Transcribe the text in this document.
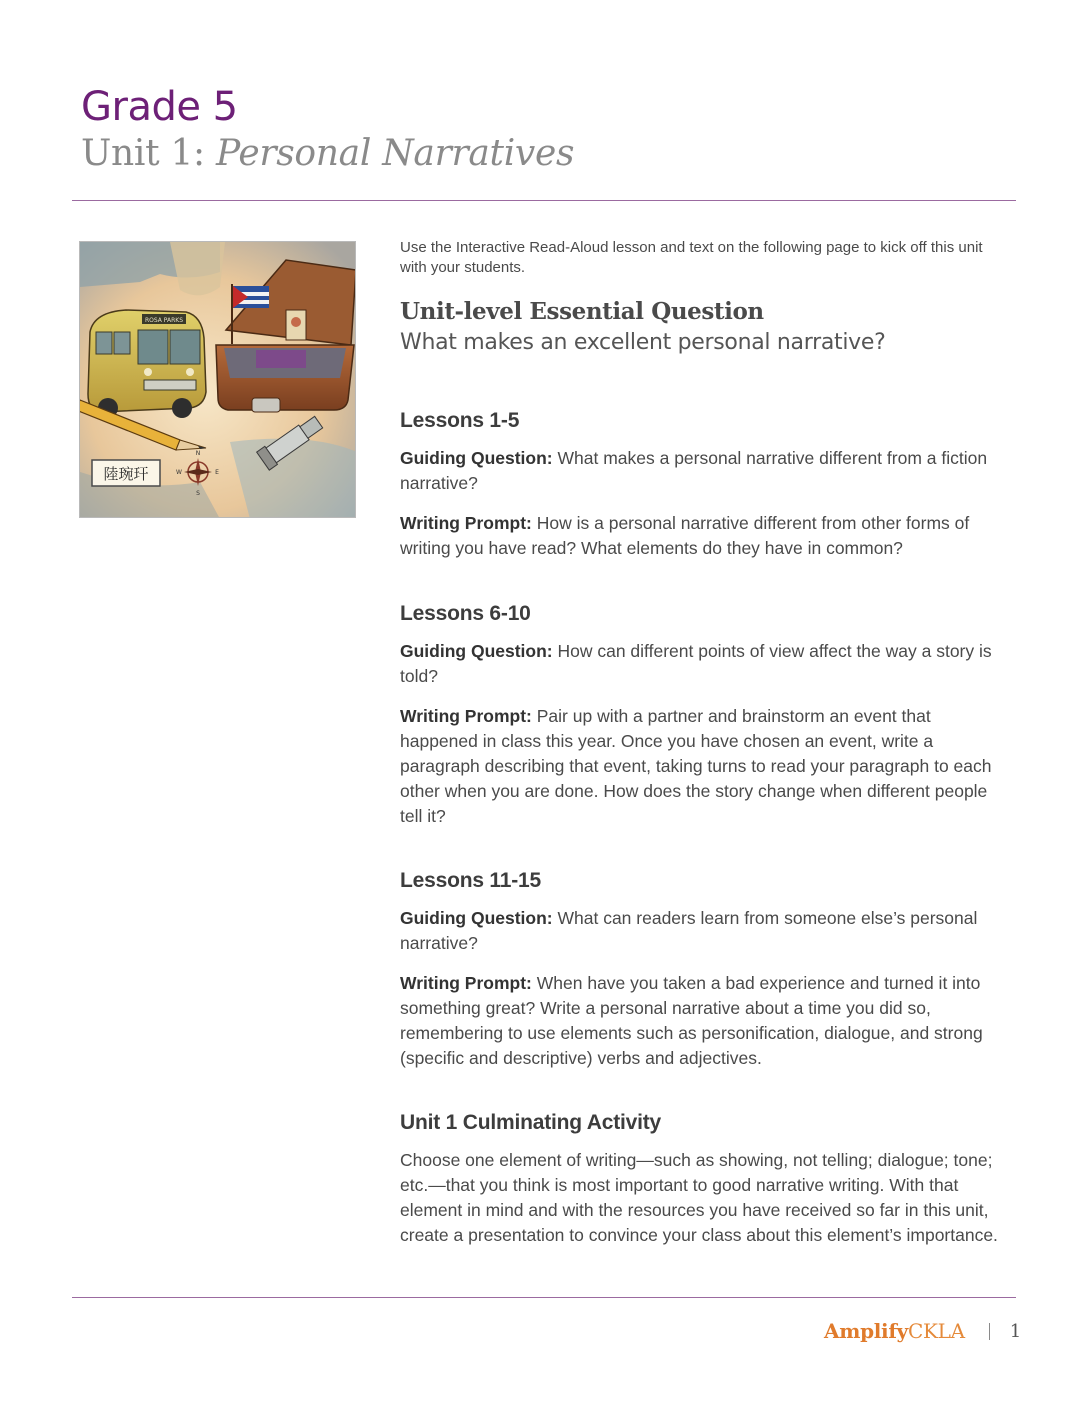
Grade 5
Unit 1: Personal Narratives
ROSA PARKS
陸琬玕
N
S
W	E

Use the Interactive Read-Aloud lesson and text on the following page to kick off this unit with your students.

Unit-level Essential Question

What makes an excellent personal narrative?

Lessons 1-5

Guiding Question: What makes a personal narrative different from a fiction narrative?

Writing Prompt: How is a personal narrative different from other forms of writing you have read? What elements do they have in common?

Lessons 6-10

Guiding Question: How can different points of view affect the way a story is told?

Writing Prompt: Pair up with a partner and brainstorm an event that happened in class this year. Once you have chosen an event, write a paragraph describing that event, taking turns to read your paragraph to each other when you are done. How does the story change when different people tell it?

Lessons 11-15

Guiding Question: What can readers learn from someone else’s personal narrative?

Writing Prompt: When have you taken a bad experience and turned it into something great? Write a personal narrative about a time you did so, remembering to use elements such as personification, dialogue, and strong (specific and descriptive) verbs and adjectives.

Unit 1 Culminating Activity

Choose one element of writing—such as showing, not telling; dialogue; tone; etc.—that you think is most important to good narrative writing. With that element in mind and with the resources you have received so far in this unit, create a presentation to convince your class about this element’s importance.

AmplifyCKLA	1
